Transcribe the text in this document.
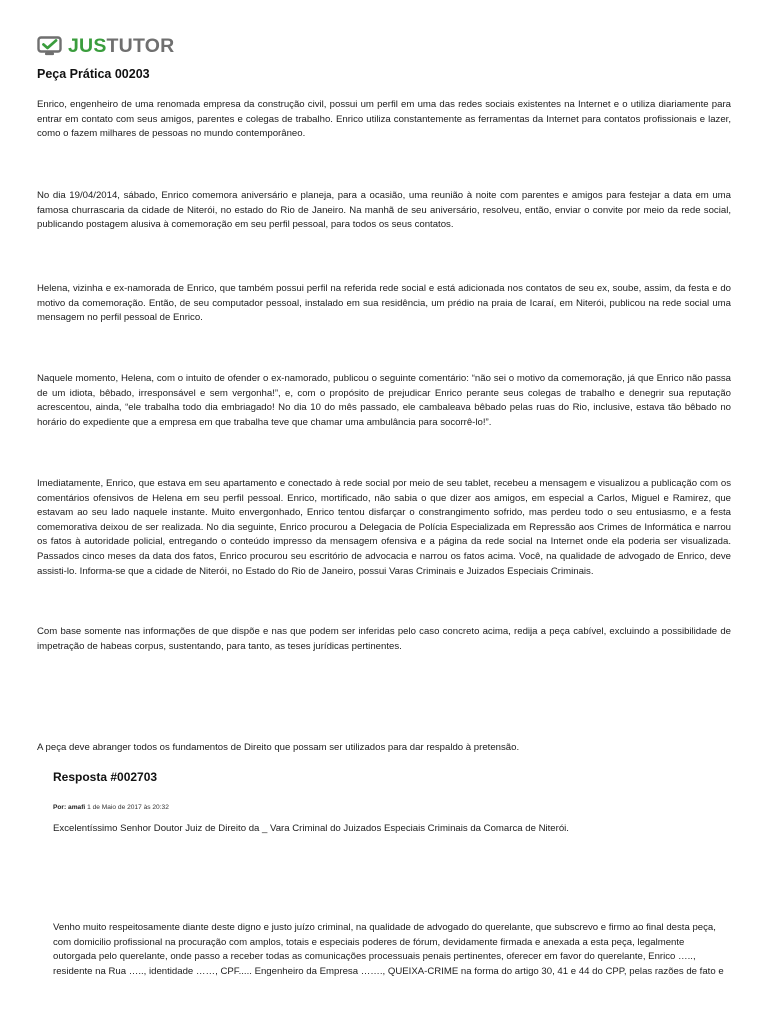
JUSTUTOR
Peça Prática 00203

Enrico, engenheiro de uma renomada empresa da construção civil, possui um perfil em uma das redes sociais existentes na Internet e o utiliza diariamente para entrar em contato com seus amigos, parentes e colegas de trabalho. Enrico utiliza constantemente as ferramentas da Internet para contatos profissionais e lazer, como o fazem milhares de pessoas no mundo contemporâneo.

No dia 19/04/2014, sábado, Enrico comemora aniversário e planeja, para a ocasião, uma reunião à noite com parentes e amigos para festejar a data em uma famosa churrascaria da cidade de Niterói, no estado do Rio de Janeiro. Na manhã de seu aniversário, resolveu, então, enviar o convite por meio da rede social, publicando postagem alusiva à comemoração em seu perfil pessoal, para todos os seus contatos.

Helena, vizinha e ex-namorada de Enrico, que também possui perfil na referida rede social e está adicionada nos contatos de seu ex, soube, assim, da festa e do motivo da comemoração. Então, de seu computador pessoal, instalado em sua residência, um prédio na praia de Icaraí, em Niterói, publicou na rede social uma mensagem no perfil pessoal de Enrico.

Naquele momento, Helena, com o intuito de ofender o ex-namorado, publicou o seguinte comentário: “não sei o motivo da comemoração, já que Enrico não passa de um idiota, bêbado, irresponsável e sem vergonha!”, e, com o propósito de prejudicar Enrico perante seus colegas de trabalho e denegrir sua reputação acrescentou, ainda, “ele trabalha todo dia embriagado! No dia 10 do mês passado, ele cambaleava bêbado pelas ruas do Rio, inclusive, estava tão bêbado no horário do expediente que a empresa em que trabalha teve que chamar uma ambulância para socorrê-lo!”.

Imediatamente, Enrico, que estava em seu apartamento e conectado à rede social por meio de seu tablet, recebeu a mensagem e visualizou a publicação com os comentários ofensivos de Helena em seu perfil pessoal. Enrico, mortificado, não sabia o que dizer aos amigos, em especial a Carlos, Miguel e Ramirez, que estavam ao seu lado naquele instante. Muito envergonhado, Enrico tentou disfarçar o constrangimento sofrido, mas perdeu todo o seu entusiasmo, e a festa comemorativa deixou de ser realizada. No dia seguinte, Enrico procurou a Delegacia de Polícia Especializada em Repressão aos Crimes de Informática e narrou os fatos à autoridade policial, entregando o conteúdo impresso da mensagem ofensiva e a página da rede social na Internet onde ela poderia ser visualizada. Passados cinco meses da data dos fatos, Enrico procurou seu escritório de advocacia e narrou os fatos acima. Você, na qualidade de advogado de Enrico, deve assisti-lo. Informa-se que a cidade de Niterói, no Estado do Rio de Janeiro, possui Varas Criminais e Juizados Especiais Criminais.

Com base somente nas informações de que dispõe e nas que podem ser inferidas pelo caso concreto acima, redija a peça cabível, excluindo a possibilidade de impetração de habeas corpus, sustentando, para tanto, as teses jurídicas pertinentes.

A peça deve abranger todos os fundamentos de Direito que possam ser utilizados para dar respaldo à pretensão.

Resposta #002703
Por: amafi 1 de Maio de 2017 às 20:32

Excelentíssimo Senhor Doutor Juiz de Direito da _ Vara Criminal do Juizados Especiais Criminais da Comarca de Niterói.

Venho muito respeitosamente diante deste digno e justo juízo criminal, na qualidade de advogado do querelante, que subscrevo e firmo ao final desta peça, com domicilio profissional na procuração com amplos, totais e especiais poderes de fórum, devidamente firmada e anexada a esta peça, legalmente outorgada pelo querelante, onde passo a receber todas as comunicações processuais penais pertinentes, oferecer em favor do querelante, Enrico ….., residente na Rua ….., identidade ……, CPF..... Engenheiro da Empresa ……., QUEIXA-CRIME na forma do artigo 30, 41 e 44 do CPP, pelas razões de fato e
